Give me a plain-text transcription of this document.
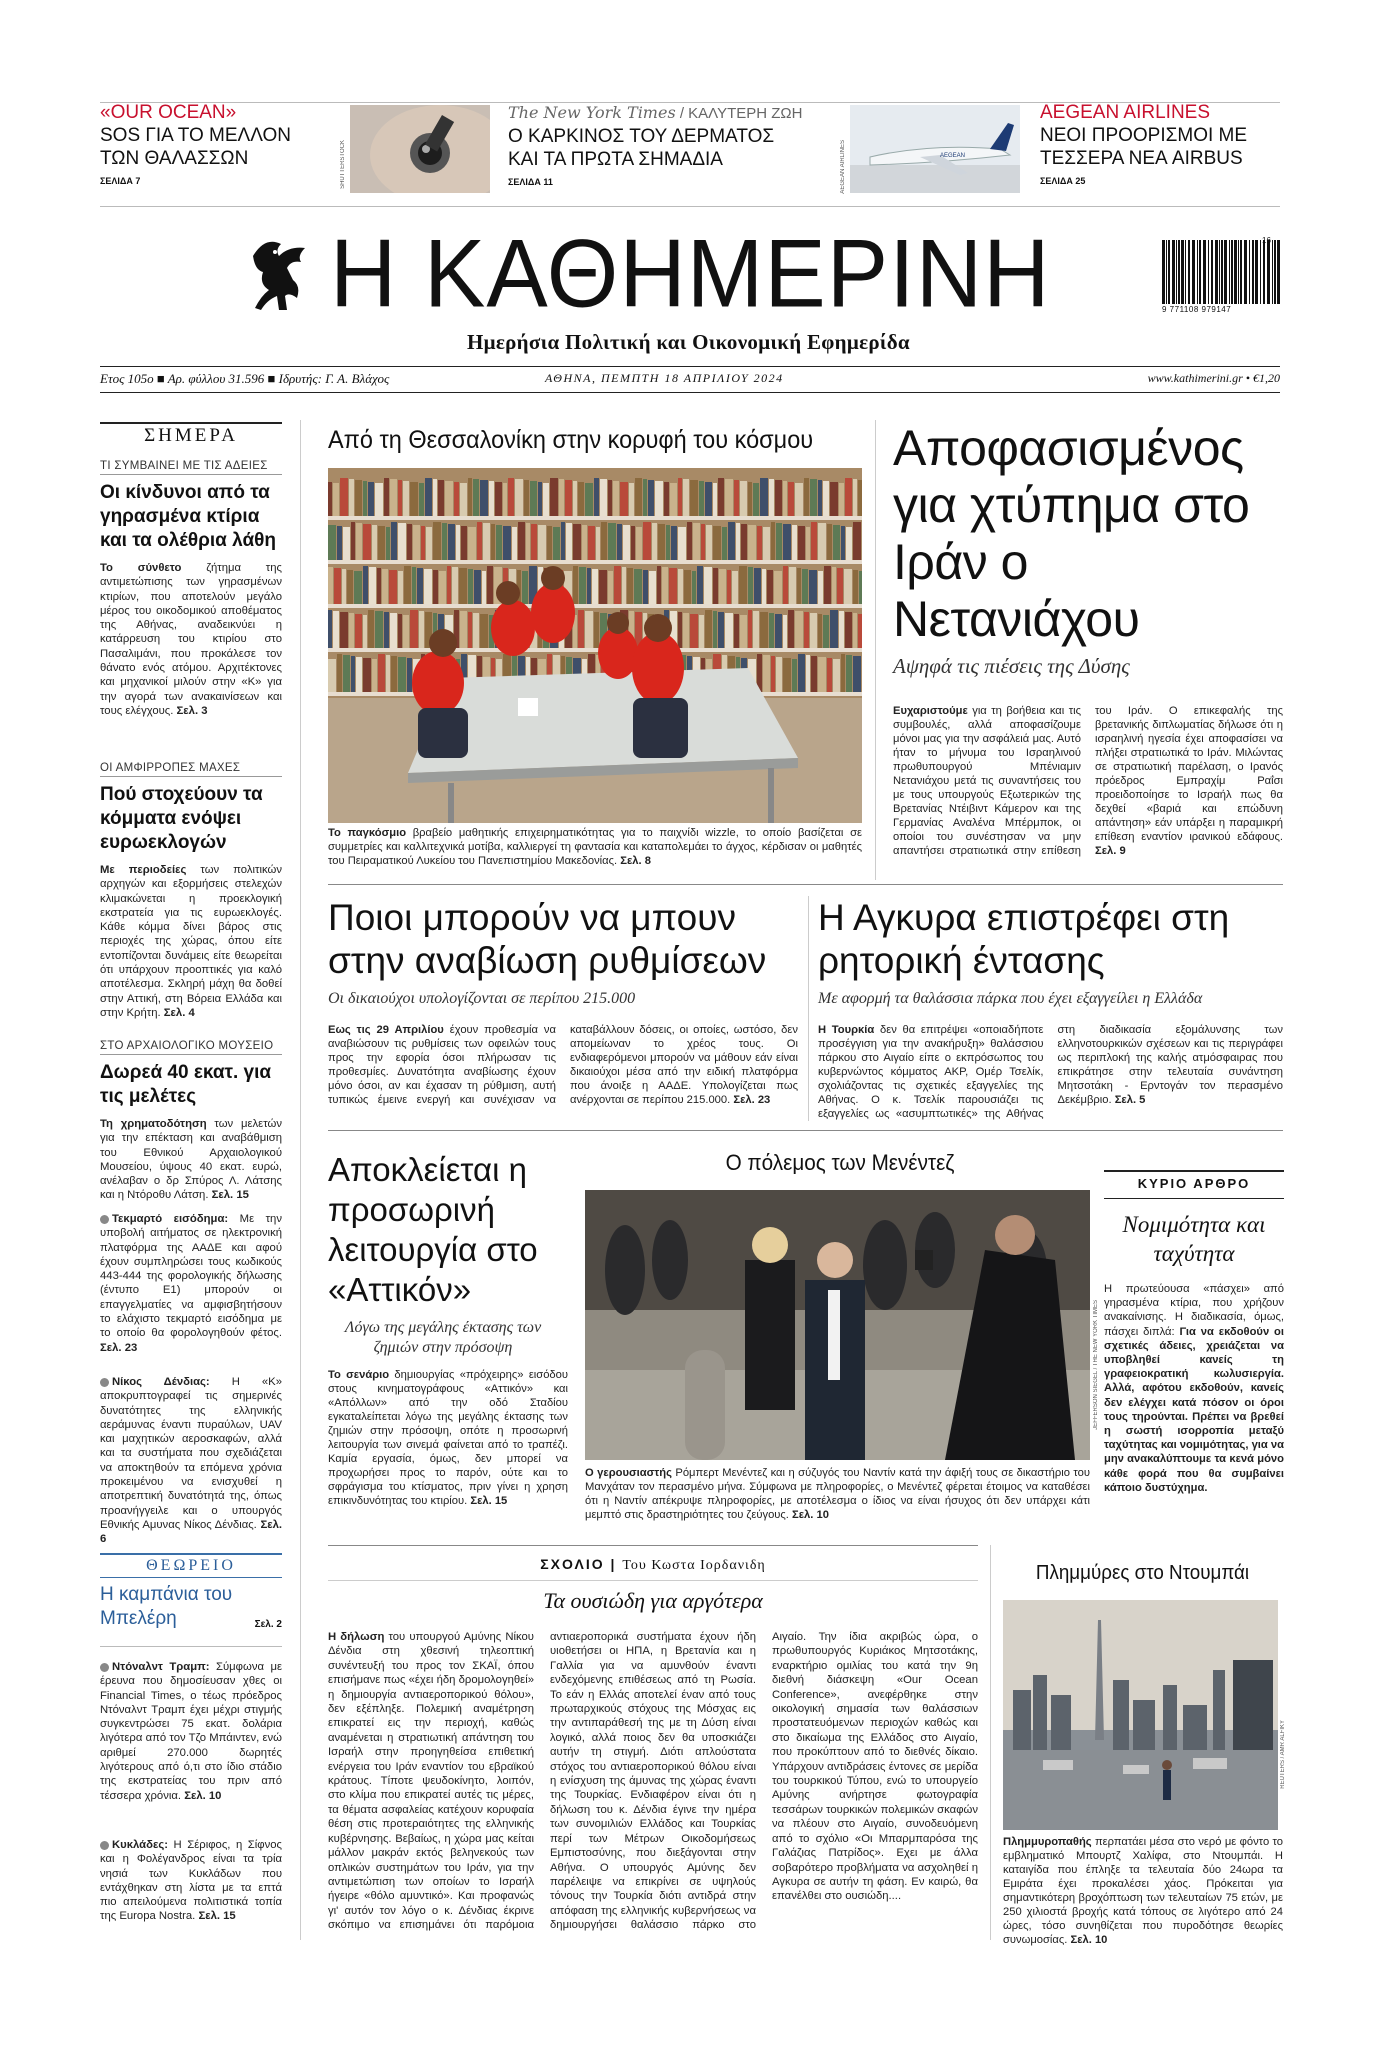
«OUR OCEAN»
SOS ΓΙΑ ΤΟ ΜΕΛΛΟΝ ΤΩΝ ΘΑΛΑΣΣΩΝ
ΣΕΛΙΔΑ 7	SHUTTERSTOCK
The New York Times / ΚΑΛΥΤΕΡΗ ΖΩΗ
Ο ΚΑΡΚΙΝΟΣ ΤΟΥ ΔΕΡΜΑΤΟΣ ΚΑΙ ΤΑ ΠΡΩΤΑ ΣΗΜΑΔΙΑ
ΣΕΛΙΔΑ 11
AEGEAN
AEGEAN AIRLINES
AEGEAN AIRLINES
ΝΕΟΙ ΠΡΟΟΡΙΣΜΟΙ ΜΕ ΤΕΣΣΕΡΑ ΝΕΑ AIRBUS
ΣΕΛΙΔΑ 25
Η ΚΑΘΗΜΕΡΙΝΗ	16
9 771108 979147
Ημερήσια Πολιτική και Οικονομική Εφημερίδα
Ετος 105ο ■ Αρ. φύλλου 31.596 ■ Ιδρυτής: Γ. Α. Βλάχος	ΑΘΗΝΑ, ΠΕΜΠΤΗ 18 ΑΠΡΙΛΙΟΥ 2024	www.kathimerini.gr • €1,20
ΣΗΜΕΡΑ
ΤΙ ΣΥΜΒΑΙΝΕΙ ΜΕ ΤΙΣ ΑΔΕΙΕΣ
Οι κίνδυνοι από τα γηρασμένα κτίρια και τα ολέθρια λάθη
Το σύνθετο ζήτημα της αντιμετώπισης των γηρασμένων κτιρίων, που αποτελούν μεγάλο μέρος του οικοδομικού αποθέματος της Αθήνας, αναδεικνύει η κατάρρευση του κτιρίου στο Πασαλιμάνι, που προκάλεσε τον θάνατο ενός ατόμου. Αρχιτέκτονες και μηχανικοί μιλούν στην «Κ» για την αγορά των ανακαινίσεων και τους ελέγχους. Σελ. 3
ΟΙ ΑΜΦΙΡΡΟΠΕΣ ΜΑΧΕΣ
Πού στοχεύουν τα κόμματα ενόψει ευρωεκλογών
Με περιοδείες των πολιτικών αρχηγών και εξορμήσεις στελεχών κλιμακώνεται η προεκλογική εκστρατεία για τις ευρωεκλογές. Κάθε κόμμα δίνει βάρος στις περιοχές της χώρας, όπου είτε εντοπίζονται δυνάμεις είτε θεωρείται ότι υπάρχουν προοπτικές για καλό αποτέλεσμα. Σκληρή μάχη θα δοθεί στην Αττική, στη Βόρεια Ελλάδα και στην Κρήτη. Σελ. 4
ΣΤΟ ΑΡΧΑΙΟΛΟΓΙΚΟ ΜΟΥΣΕΙΟ
Δωρεά 40 εκατ. για τις μελέτες
Τη χρηματοδότηση των μελετών για την επέκταση και αναβάθμιση του Εθνικού Αρχαιολογικού Μουσείου, ύψους 40 εκατ. ευρώ, ανέλαβαν ο δρ Σπύρος Λ. Λάτσης και η Ντόροθυ Λάτση. Σελ. 15
Τεκμαρτό εισόδημα: Με την υποβολή αιτήματος σε ηλεκτρονική πλατφόρμα της ΑΑΔΕ και αφού έχουν συμπληρώσει τους κωδικούς 443-444 της φορολογικής δήλωσης (έντυπο Ε1) μπορούν οι επαγγελματίες να αμφισβητήσουν το ελάχιστο τεκμαρτό εισόδημα με το οποίο θα φορολογηθούν φέτος. Σελ. 23
Νίκος Δένδιας: Η «Κ» αποκρυπτογραφεί τις σημερινές δυνατότητες της ελληνικής αεράμυνας έναντι πυραύλων, UAV και μαχητικών αεροσκαφών, αλλά και τα συστήματα που σχεδιάζεται να αποκτηθούν τα επόμενα χρόνια προκειμένου να ενισχυθεί η αποτρεπτική δυνατότητά της, όπως προανήγγειλε και ο υπουργός Εθνικής Αμυνας Νίκος Δένδιας. Σελ. 6
ΘΕΩΡΕΙΟ
Η καμπάνια του Μπελέρη	Σελ. 2
Ντόναλντ Τραμπ: Σύμφωνα με έρευνα που δημοσίευσαν χθες οι Financial Times, ο τέως πρόεδρος Ντόναλντ Τραμπ έχει μέχρι στιγμής συγκεντρώσει 75 εκατ. δολάρια λιγότερα από τον Τζο Μπάιντεν, ενώ αριθμεί 270.000 δωρητές λιγότερους από ό,τι στο ίδιο στάδιο της εκστρατείας του πριν από τέσσερα χρόνια. Σελ. 10
Κυκλάδες: Η Σέριφος, η Σίφνος και η Φολέγανδρος είναι τα τρία νησιά των Κυκλάδων που εντάχθηκαν στη λίστα με τα επτά πιο απειλούμενα πολιτιστικά τοπία της Europa Nostra. Σελ. 15
Από τη Θεσσαλονίκη στην κορυφή του κόσμου
Το παγκόσμιο βραβείο μαθητικής επιχειρηματικότητας για το παιχνίδι wizzle, το οποίο βασίζεται σε συμμετρίες και καλλιτεχνικά μοτίβα, καλλιεργεί τη φαντασία και καταπολεμάει το άγχος, κέρδισαν οι μαθητές του Πειραματικού Λυκείου του Πανεπιστημίου Μακεδονίας. Σελ. 8
Αποφασισμένος για χτύπημα στο Ιράν ο Νετανιάχου
Αψηφά τις πιέσεις της Δύσης
Ευχαριστούμε για τη βοήθεια και τις συμβουλές, αλλά αποφασίζουμε μόνοι μας για την ασφάλειά μας. Αυτό ήταν το μήνυμα του Ισραηλινού πρωθυπουργού Μπένιαμιν Νετανιάχου μετά τις συναντήσεις του με τους υπουργούς Εξωτερικών της Βρετανίας Ντέιβιντ Κάμερον και της Γερμανίας Αναλένα Μπέρμποκ, οι οποίοι του συνέστησαν να μην απαντήσει στρατιωτικά στην επίθεση του Ιράν. Ο επικεφαλής της βρετανικής διπλωματίας δήλωσε ότι η ισραηλινή ηγεσία έχει αποφασίσει να πλήξει στρατιωτικά το Ιράν. Μιλώντας σε στρατιωτική παρέλαση, ο Ιρανός πρόεδρος Εμπραχίμ Ραΐσι προειδοποίησε το Ισραήλ πως θα δεχθεί «βαριά και επώδυνη απάντηση» εάν υπάρξει η παραμικρή επίθεση εναντίον ιρανικού εδάφους. Σελ. 9
Ποιοι μπορούν να μπουν στην αναβίωση ρυθμίσεων
Οι δικαιούχοι υπολογίζονται σε περίπου 215.000
Εως τις 29 Απριλίου έχουν προθεσμία να αναβιώσουν τις ρυθμίσεις των οφειλών τους προς την εφορία όσοι πλήρωσαν τις προθεσμίες. Δυνατότητα αναβίωσης έχουν μόνο όσοι, αν και έχασαν τη ρύθμιση, αυτή τυπικώς έμεινε ενεργή και συνέχισαν να καταβάλλουν δόσεις, οι οποίες, ωστόσο, δεν απομείωναν το χρέος τους. Οι ενδιαφερόμενοι μπορούν να μάθουν εάν είναι δικαιούχοι μέσα από την ειδική πλατφόρμα που άνοιξε η ΑΑΔΕ. Υπολογίζεται πως ανέρχονται σε περίπου 215.000. Σελ. 23
Η Αγκυρα επιστρέφει στη ρητορική έντασης
Με αφορμή τα θαλάσσια πάρκα που έχει εξαγγείλει η Ελλάδα
Η Τουρκία δεν θα επιτρέψει «οποιαδήποτε προσέγγιση για την ανακήρυξη» θαλάσσιου πάρκου στο Αιγαίο είπε ο εκπρόσωπος του κυβερνώντος κόμματος ΑΚΡ, Ομέρ Τσελίκ, σχολιάζοντας τις σχετικές εξαγγελίες της Αθήνας. Ο κ. Τσελίκ παρουσιάζει τις εξαγγελίες ως «ασυμπτωτικές» της Αθήνας στη διαδικασία εξομάλυνσης των ελληνοτουρκικών σχέσεων και τις περιγράφει ως περιπλοκή της καλής ατμόσφαιρας που επικράτησε στην τελευταία συνάντηση Μητσοτάκη - Ερντογάν τον περασμένο Δεκέμβριο. Σελ. 5
Αποκλείεται η προσωρινή λειτουργία στο «Αττικόν»
Λόγω της μεγάλης έκτασης των ζημιών στην πρόσοψη
Το σενάριο δημιουργίας «πρόχειρης» εισόδου στους κινηματογράφους «Αττικόν» και «Απόλλων» από την οδό Σταδίου εγκαταλείπεται λόγω της μεγάλης έκτασης των ζημιών στην πρόσοψη, οπότε η προσωρινή λειτουργία των σινεμά φαίνεται από το τραπέζι. Καμία εργασία, όμως, δεν μπορεί να προχωρήσει προς το παρόν, ούτε και το σφράγισμα του κτίσματος, πριν γίνει η χρηση επικινδυνότητας του κτιρίου. Σελ. 15
Ο πόλεμος των Μενέντεζ
JEFFERSON SIEGEL / THE NEW YORK TIMES
Ο γερουσιαστής Ρόμπερτ Μενέντεζ και η σύζυγός του Ναντίν κατά την άφιξή τους σε δικαστήριο του Μανχάταν τον περασμένο μήνα. Σύμφωνα με πληροφορίες, ο Μενέντεζ φέρεται έτοιμος να καταθέσει ότι η Ναντίν απέκρυψε πληροφορίες, με αποτέλεσμα ο ίδιος να είναι ήσυχος ότι δεν υπάρχει κάτι μεμπτό στις δραστηριότητες του ζεύγους. Σελ. 10
ΚΥΡΙΟ ΑΡΘΡΟ
Νομιμότητα και ταχύτητα
Η πρωτεύουσα «πάσχει» από γηρασμένα κτίρια, που χρήζουν ανακαίνισης. Η διαδικασία, όμως, πάσχει διπλά: Για να εκδοθούν οι σχετικές άδειες, χρειάζεται να υποβληθεί κανείς τη γραφειοκρατική κωλυσιεργία. Αλλά, αφότου εκδοθούν, κανείς δεν ελέγχει κατά πόσον οι όροι τους τηρούνται. Πρέπει να βρεθεί η σωστή ισορροπία μεταξύ ταχύτητας και νομιμότητας, για να μην ανακαλύπτουμε τα κενά μόνο κάθε φορά που θα συμβαίνει κάποιο δυστύχημα.
ΣΧΟΛΙΟ | Του Κωστα Ιορδανιδη
Τα ουσιώδη για αργότερα
Η δήλωση του υπουργού Αμύνης Νίκου Δένδια στη χθεσινή τηλεοπτική συνέντευξή του προς τον ΣΚΑΪ, όπου επισήμανε πως «έχει ήδη δρομολογηθεί» η δημιουργία αντιαεροπορικού θόλου», δεν εξέπληξε. Πολεμική αναμέτρηση επικρατεί εις την περιοχή, καθώς αναμένεται η στρατιωτική απάντηση του Ισραήλ στην προηγηθείσα επιθετική ενέργεια του Ιράν εναντίον του εβραϊκού κράτους. Τίποτε ψευδοκίνητο, λοιπόν, στο κλίμα που επικρατεί αυτές τις μέρες, τα θέματα ασφαλείας κατέχουν κορυφαία θέση στις προτεραιότητες της ελληνικής κυβέρνησης. Βεβαίως, η χώρα μας κείται μάλλον μακράν εκτός βεληνεκούς των οπλικών συστημάτων του Ιράν, για την αντιμετώπιση των οποίων το Ισραήλ ήγειρε «θόλο αμυντικό». Και προφανώς γι' αυτόν τον λόγο ο κ. Δένδιας έκρινε σκόπιμο να επισημάνει ότι παρόμοια αντιαεροπορικά συστήματα έχουν ήδη υιοθετήσει οι ΗΠΑ, η Βρετανία και η Γαλλία για να αμυνθούν έναντι ενδεχόμενης επιθέσεως από τη Ρωσία. Το εάν η Ελλάς αποτελεί έναν από τους πρωταρχικούς στόχους της Μόσχας εις την αντιπαράθεσή της με τη Δύση είναι λογικό, αλλά ποιος δεν θα υποσκιάζει αυτήν τη στιγμή. Διότι απλούστατα στόχος του αντιαεροπορικού θόλου είναι η ενίσχυση της άμυνας της χώρας έναντι της Τουρκίας. Ενδιαφέρον είναι ότι η δήλωση του κ. Δένδια έγινε την ημέρα των συνομιλιών Ελλάδος και Τουρκίας περί των Μέτρων Οικοδομήσεως Εμπιστοσύνης, που διεξάγονται στην Αθήνα. Ο υπουργός Αμύνης δεν παρέλειψε να επικρίνει σε υψηλούς τόνους την Τουρκία διότι αντιδρά στην απόφαση της ελληνικής κυβερνήσεως να δημιουργήσει θαλάσσιο πάρκο στο Αιγαίο. Την ίδια ακριβώς ώρα, ο πρωθυπουργός Κυριάκος Μητσοτάκης, εναρκτήριο ομιλίας του κατά την 9η διεθνή διάσκεψη «Our Ocean Conference», ανεφέρθηκε στην οικολογική σημασία των θαλάσσιων προστατευόμενων περιοχών καθώς και στο δικαίωμα της Ελλάδος στο Αιγαίο, που προκύπτουν από το διεθνές δίκαιο. Υπάρχουν αντιδράσεις έντονες σε μερίδα του τουρκικού Τύπου, ενώ το υπουργείο Αμύνης ανήρτησε φωτογραφία τεσσάρων τουρκικών πολεμικών σκαφών να πλέουν στο Αιγαίο, συνοδευόμενη από το σχόλιο «Οι Μπαρμπαρόσα της Γαλάζιας Πατρίδος». Εχει με άλλα σοβαρότερο προβλήματα να ασχοληθεί η Αγκυρα σε αυτήν τη φάση. Εν καιρώ, θα επανέλθει στο ουσιώδη....
Πλημμύρες στο Ντουμπάι
REUTERS / AMR ALFIKY
Πλημμυροπαθής περπατάει μέσα στο νερό με φόντο το εμβληματικό Μπουρτζ Χαλίφα, στο Ντουμπάι. Η καταιγίδα που έπληξε τα τελευταία δύο 24ωρα τα Εμιράτα έχει προκαλέσει χάος. Πρόκειται για σημαντικότερη βροχόπτωση των τελευταίων 75 ετών, με 250 χιλιοστά βροχής κατά τόπους σε λιγότερο από 24 ώρες, τόσο συνηθίζεται που πυροδότησε θεωρίες συνωμοσίας. Σελ. 10
